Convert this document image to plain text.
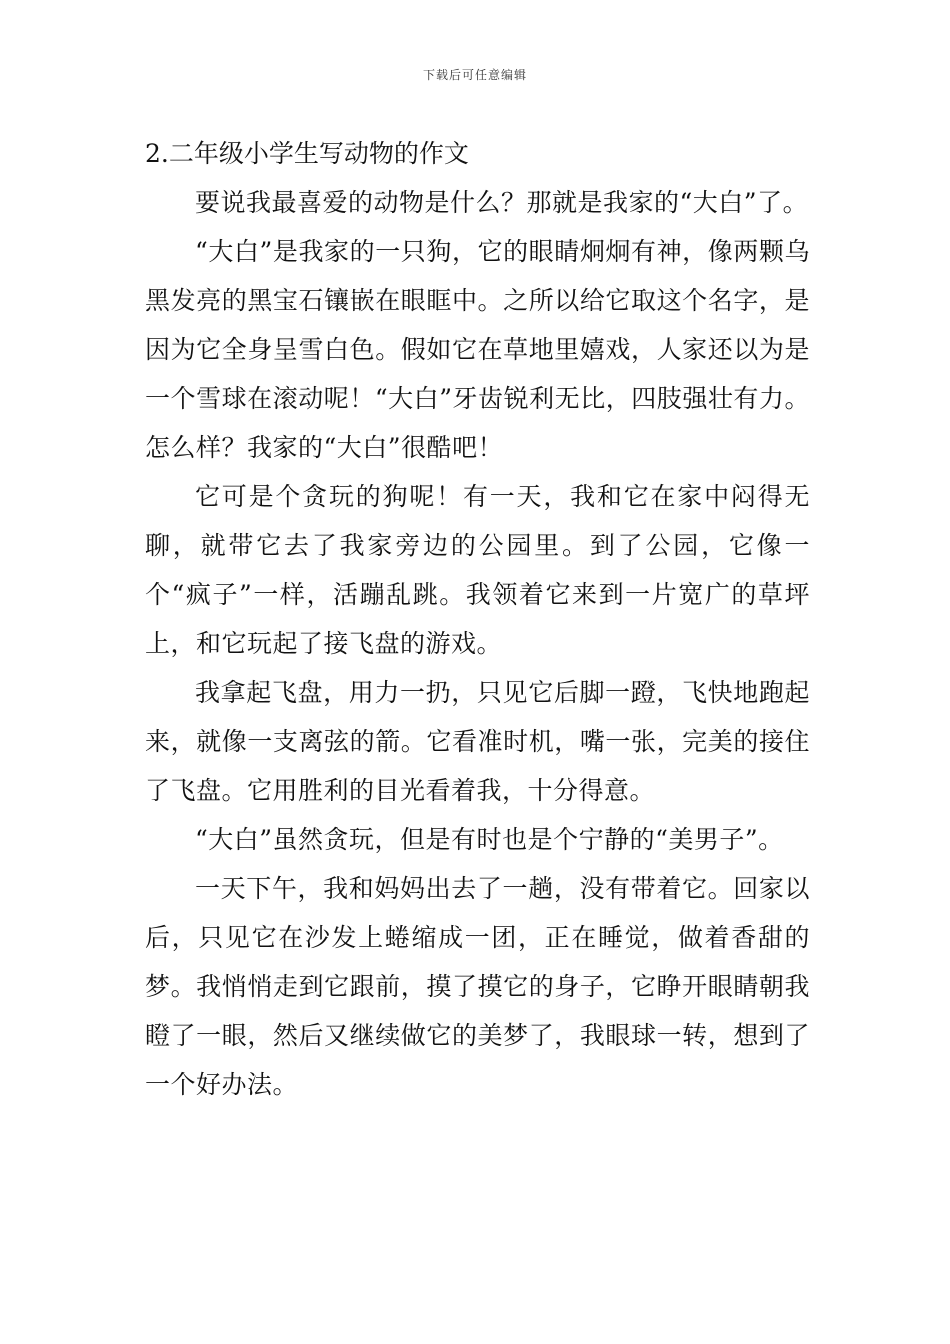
下载后可任意编辑
2.二年级小学生写动物的作文

要说我最喜爱的动物是什么？那就是我家的“大白”了。

“大白”是我家的一只狗，它的眼睛炯炯有神，像两颗乌黑发亮的黑宝石镶嵌在眼眶中。之所以给它取这个名字，是因为它全身呈雪白色。假如它在草地里嬉戏，人家还以为是一个雪球在滚动呢！“大白”牙齿锐利无比，四肢强壮有力。怎么样？我家的“大白”很酷吧！

它可是个贪玩的狗呢！有一天，我和它在家中闷得无聊，就带它去了我家旁边的公园里。到了公园，它像一个“疯子”一样，活蹦乱跳。我领着它来到一片宽广的草坪上，和它玩起了接飞盘的游戏。

我拿起飞盘，用力一扔，只见它后脚一蹬，飞快地跑起来，就像一支离弦的箭。它看准时机，嘴一张，完美的接住了飞盘。它用胜利的目光看着我，十分得意。

“大白”虽然贪玩，但是有时也是个宁静的“美男子”。

一天下午，我和妈妈出去了一趟，没有带着它。回家以后，只见它在沙发上蜷缩成一团，正在睡觉，做着香甜的梦。我悄悄走到它跟前，摸了摸它的身子，它睁开眼睛朝我瞪了一眼，然后又继续做它的美梦了，我眼球一转，想到了一个好办法。
